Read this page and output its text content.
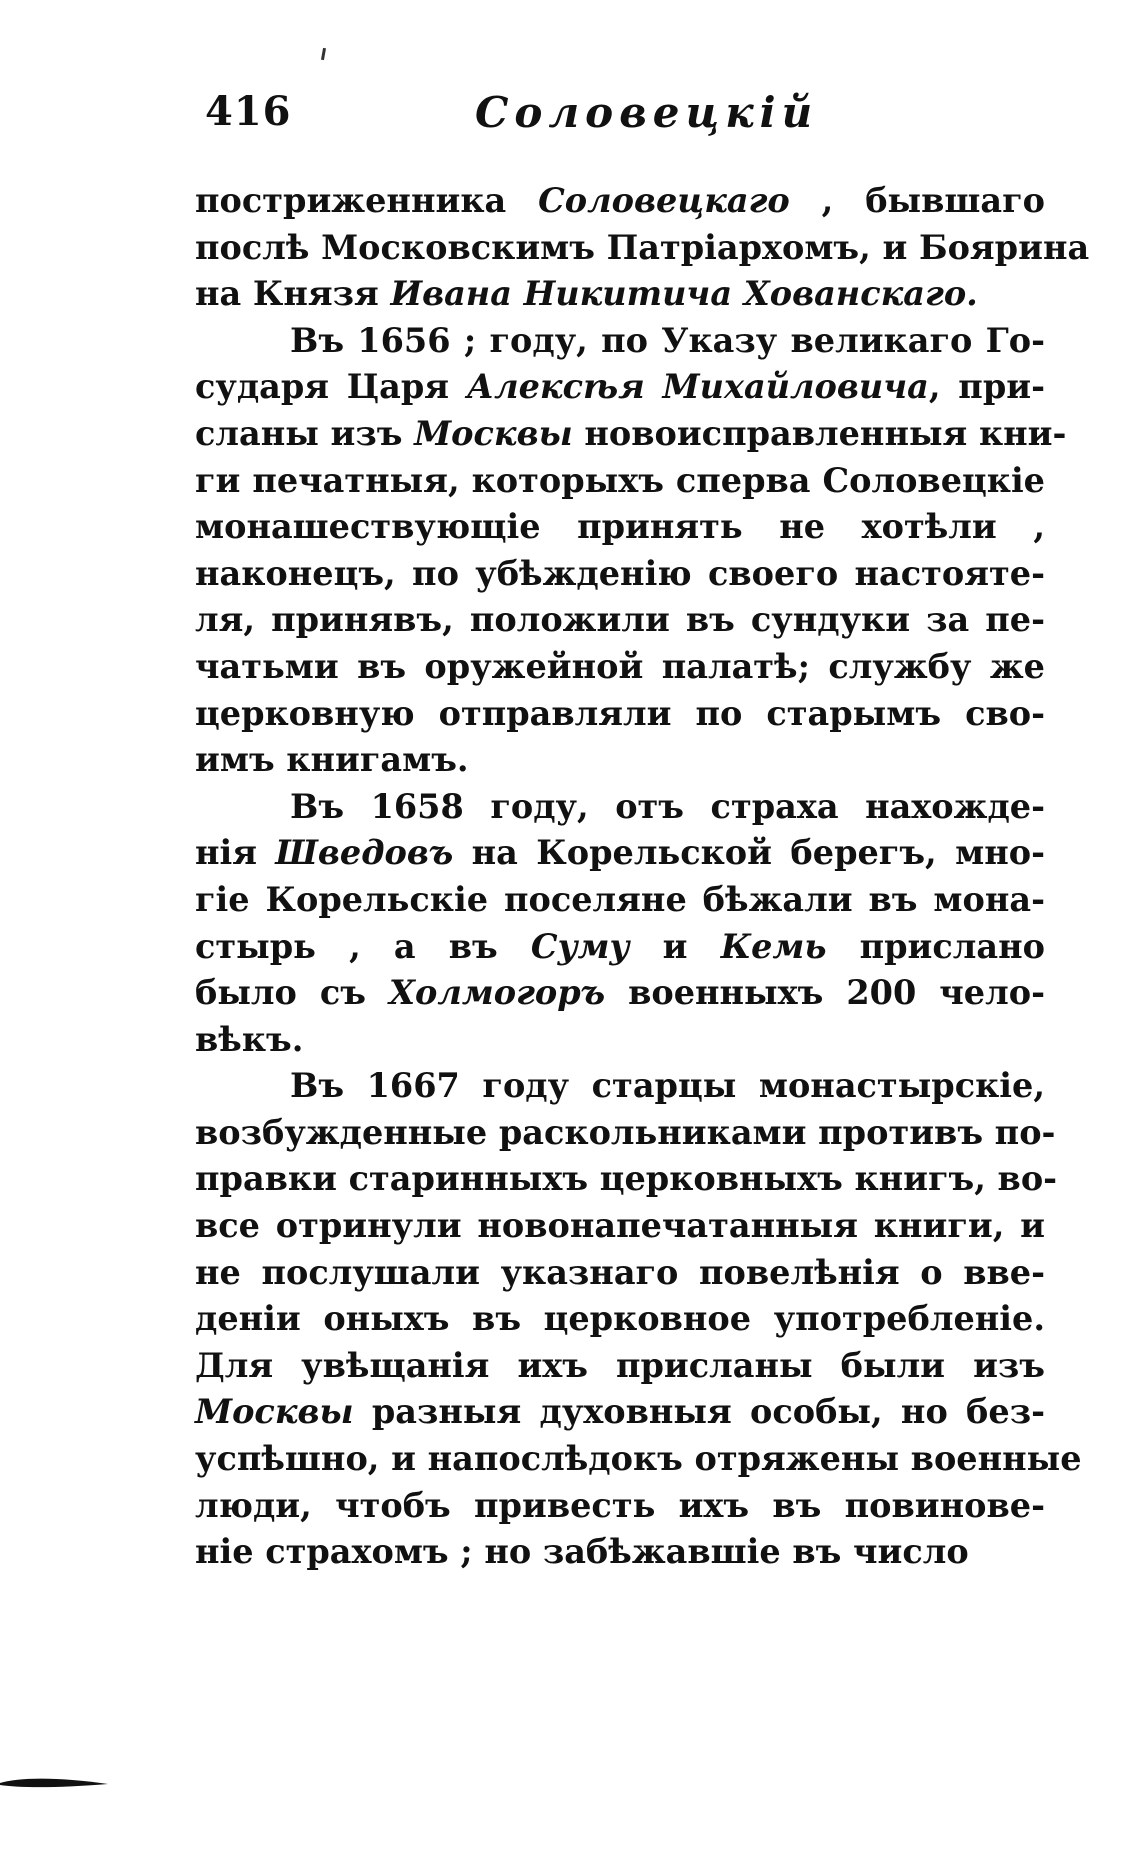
416	Соловецкій
постриженника Соловецкаго , бывшаго
послѣ Московскимъ Патріархомъ, и Боярина
на Князя Ивана Никитича Хованскаго.
Въ 1656 ; году, по Указу великаго Го-
сударя Царя Алексѣя Михайловича, при-
сланы изъ Москвы новоисправленныя кни-
ги печатныя, которыхъ сперва Соловецкіе
монашествующіе принять не хотѣли ,
наконецъ, по убѣжденію своего настояте-
ля, принявъ, положили въ сундуки за пе-
чатьми въ оружейной палатѣ; службу же
церковную отправляли по старымъ сво-
имъ книгамъ.
Въ 1658 году, отъ страха нахожде-
нія Шведовъ на Корельской берегъ, мно-
гіе Корельскіе поселяне бѣжали въ мона-
стырь , а въ Суму и Кемь прислано
было съ Холмогоръ военныхъ 200 чело-
вѣкъ.
Въ 1667 году старцы монастырскіе,
возбужденные раскольниками противъ по-
правки старинныхъ церковныхъ книгъ, во-
все отринули новонапечатанныя книги, и
не послушали указнаго повелѣнія о вве-
деніи оныхъ въ церковное употребленіе.
Для увѣщанія ихъ присланы были изъ
Москвы разныя духовныя особы, но без-
успѣшно, и напослѣдокъ отряжены военные
люди, чтобъ привесть ихъ въ повинове-
ніе страхомъ ; но забѣжавшіе въ число
